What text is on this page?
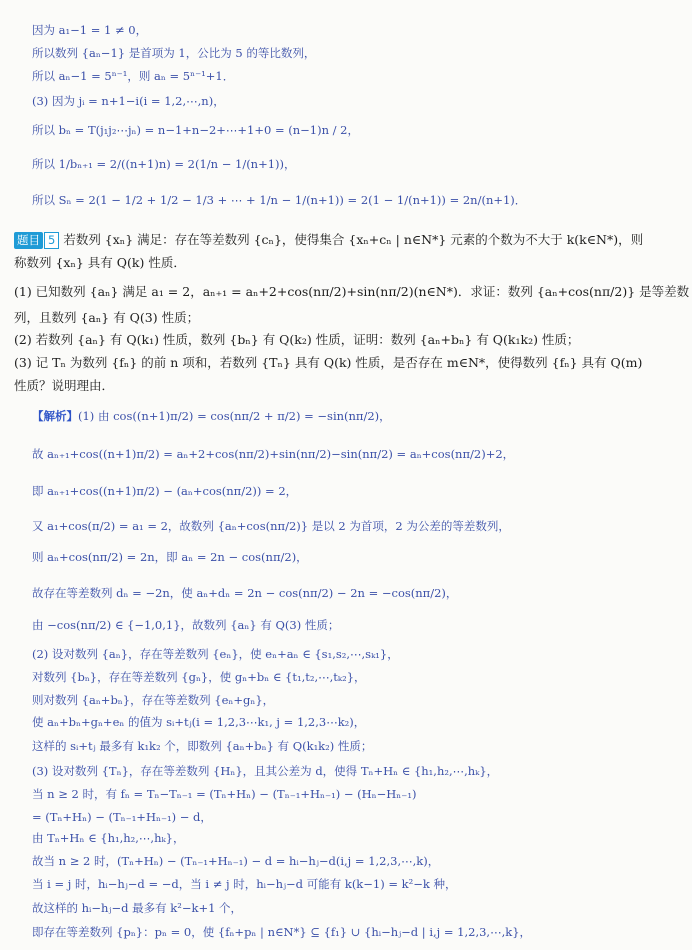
因为 a₁−1 = 1 ≠ 0，
所以数列 {aₙ−1} 是首项为 1，公比为 5 的等比数列，
所以 aₙ−1 = 5ⁿ⁻¹，则 aₙ = 5ⁿ⁻¹+1．
(3) 因为 jᵢ = n+1−i(i = 1,2,⋯,n)，
所以 bₙ = T(j₁j₂⋯jₙ) = n−1+n−2+⋯+1+0 = (n−1)n / 2，
所以 1/bₙ₊₁ = 2/((n+1)n) = 2(1/n − 1/(n+1))，
所以 Sₙ = 2(1 − 1/2 + 1/2 − 1/3 + ⋯ + 1/n − 1/(n+1)) = 2(1 − 1/(n+1)) = 2n/(n+1)．
题目 5 若数列 {xₙ} 满足：存在等差数列 {cₙ}，使得集合 {xₙ+cₙ | n∈N*} 元素的个数为不大于 k(k∈N*)，则
称数列 {xₙ} 具有 Q(k) 性质．
(1) 已知数列 {aₙ} 满足 a₁ = 2，aₙ₊₁ = aₙ+2+cos(nπ/2)+sin(nπ/2)(n∈N*)．求证：数列 {aₙ+cos(nπ/2)} 是等差数
列，且数列 {aₙ} 有 Q(3) 性质；
(2) 若数列 {aₙ} 有 Q(k₁) 性质，数列 {bₙ} 有 Q(k₂) 性质，证明：数列 {aₙ+bₙ} 有 Q(k₁k₂) 性质；
(3) 记 Tₙ 为数列 {fₙ} 的前 n 项和，若数列 {Tₙ} 具有 Q(k) 性质，是否存在 m∈N*，使得数列 {fₙ} 具有 Q(m)
性质？说明理由．
【解析】(1) 由 cos((n+1)π/2) = cos(nπ/2 + π/2) = −sin(nπ/2)，
故 aₙ₊₁+cos((n+1)π/2) = aₙ+2+cos(nπ/2)+sin(nπ/2)−sin(nπ/2) = aₙ+cos(nπ/2)+2，
即 aₙ₊₁+cos((n+1)π/2) − (aₙ+cos(nπ/2)) = 2，
又 a₁+cos(π/2) = a₁ = 2，故数列 {aₙ+cos(nπ/2)} 是以 2 为首项，2 为公差的等差数列，
则 aₙ+cos(nπ/2) = 2n，即 aₙ = 2n − cos(nπ/2)，
故存在等差数列 dₙ = −2n，使 aₙ+dₙ = 2n − cos(nπ/2) − 2n = −cos(nπ/2)，
由 −cos(nπ/2) ∈ {−1,0,1}，故数列 {aₙ} 有 Q(3) 性质；
(2) 设对数列 {aₙ}，存在等差数列 {eₙ}，使 eₙ+aₙ ∈ {s₁,s₂,⋯,sₖ₁}，
对数列 {bₙ}，存在等差数列 {gₙ}，使 gₙ+bₙ ∈ {t₁,t₂,⋯,tₖ₂}，
则对数列 {aₙ+bₙ}，存在等差数列 {eₙ+gₙ}，
使 aₙ+bₙ+gₙ+eₙ 的值为 sᵢ+tⱼ(i = 1,2,3⋯k₁, j = 1,2,3⋯k₂)，
这样的 sᵢ+tⱼ 最多有 k₁k₂ 个，即数列 {aₙ+bₙ} 有 Q(k₁k₂) 性质；
(3) 设对数列 {Tₙ}，存在等差数列 {Hₙ}，且其公差为 d，使得 Tₙ+Hₙ ∈ {h₁,h₂,⋯,hₖ}，
当 n ≥ 2 时，有 fₙ = Tₙ−Tₙ₋₁ = (Tₙ+Hₙ) − (Tₙ₋₁+Hₙ₋₁) − (Hₙ−Hₙ₋₁)
= (Tₙ+Hₙ) − (Tₙ₋₁+Hₙ₋₁) − d，
由 Tₙ+Hₙ ∈ {h₁,h₂,⋯,hₖ}，
故当 n ≥ 2 时，(Tₙ+Hₙ) − (Tₙ₋₁+Hₙ₋₁) − d = hᵢ−hⱼ−d(i,j = 1,2,3,⋯,k)，
当 i = j 时，hᵢ−hⱼ−d = −d，当 i ≠ j 时，hᵢ−hⱼ−d 可能有 k(k−1) = k²−k 种，
故这样的 hᵢ−hⱼ−d 最多有 k²−k+1 个，
即存在等差数列 {pₙ}：pₙ = 0，使 {fₙ+pₙ | n∈N*} ⊆ {f₁} ∪ {hᵢ−hⱼ−d | i,j = 1,2,3,⋯,k}，
